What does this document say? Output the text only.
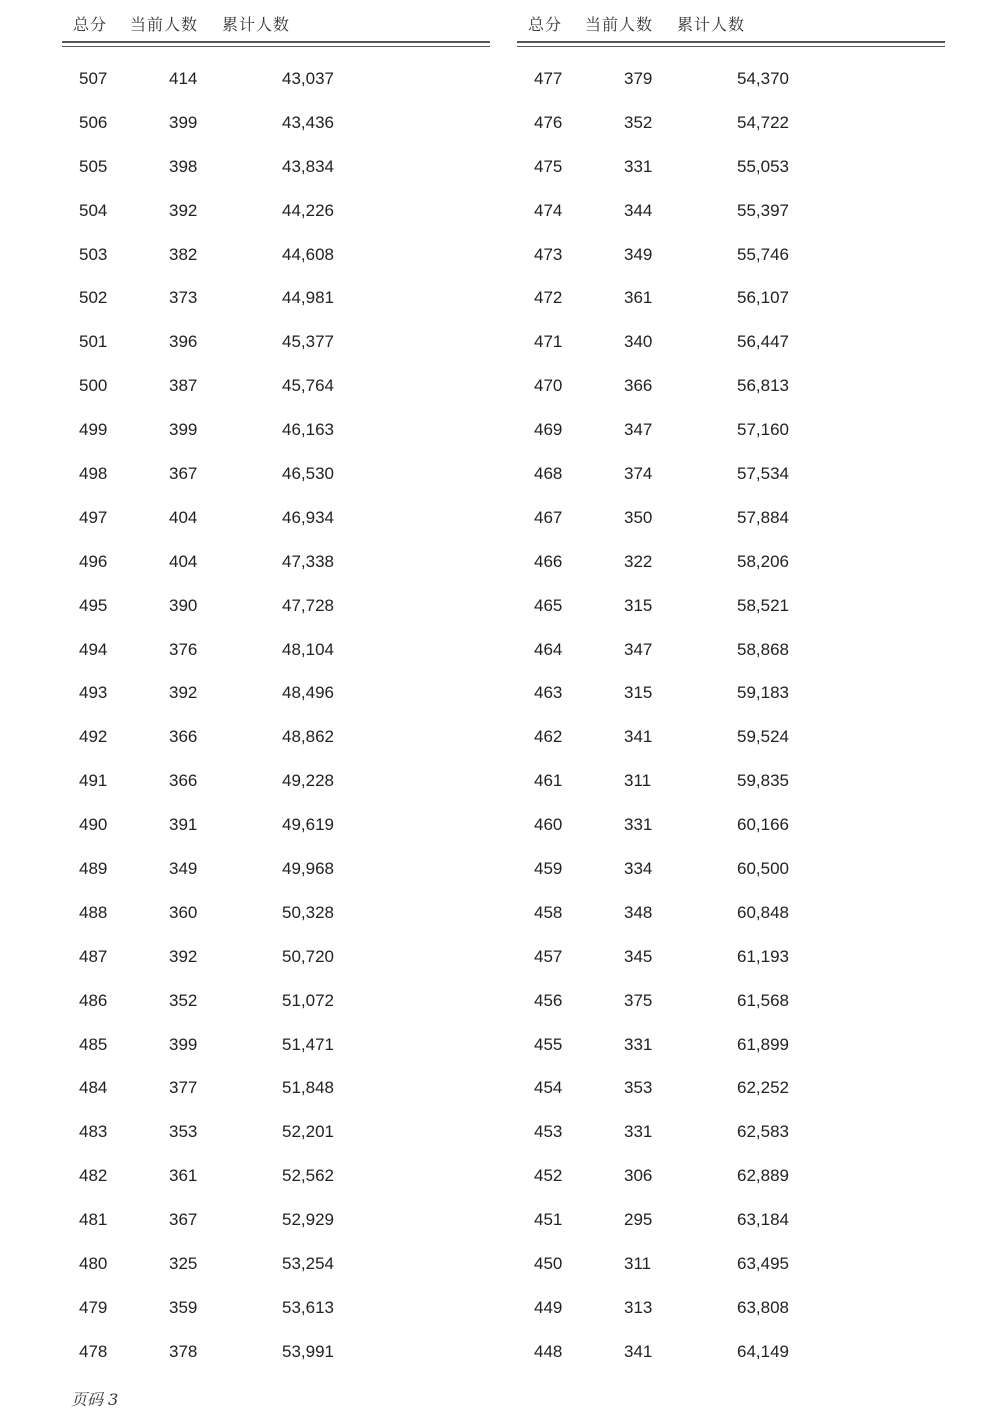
总分 当前人数 累计人数
507	414	43,037
506	399	43,436
505	398	43,834
504	392	44,226
503	382	44,608
502	373	44,981
501	396	45,377
500	387	45,764
499	399	46,163
498	367	46,530
497	404	46,934
496	404	47,338
495	390	47,728
494	376	48,104
493	392	48,496
492	366	48,862
491	366	49,228
490	391	49,619
489	349	49,968
488	360	50,328
487	392	50,720
486	352	51,072
485	399	51,471
484	377	51,848
483	353	52,201
482	361	52,562
481	367	52,929
480	325	53,254
479	359	53,613
478	378	53,991
总分 当前人数 累计人数
477	379	54,370
476	352	54,722
475	331	55,053
474	344	55,397
473	349	55,746
472	361	56,107
471	340	56,447
470	366	56,813
469	347	57,160
468	374	57,534
467	350	57,884
466	322	58,206
465	315	58,521
464	347	58,868
463	315	59,183
462	341	59,524
461	311	59,835
460	331	60,166
459	334	60,500
458	348	60,848
457	345	61,193
456	375	61,568
455	331	61,899
454	353	62,252
453	331	62,583
452	306	62,889
451	295	63,184
450	311	63,495
449	313	63,808
448	341	64,149
页码 3
